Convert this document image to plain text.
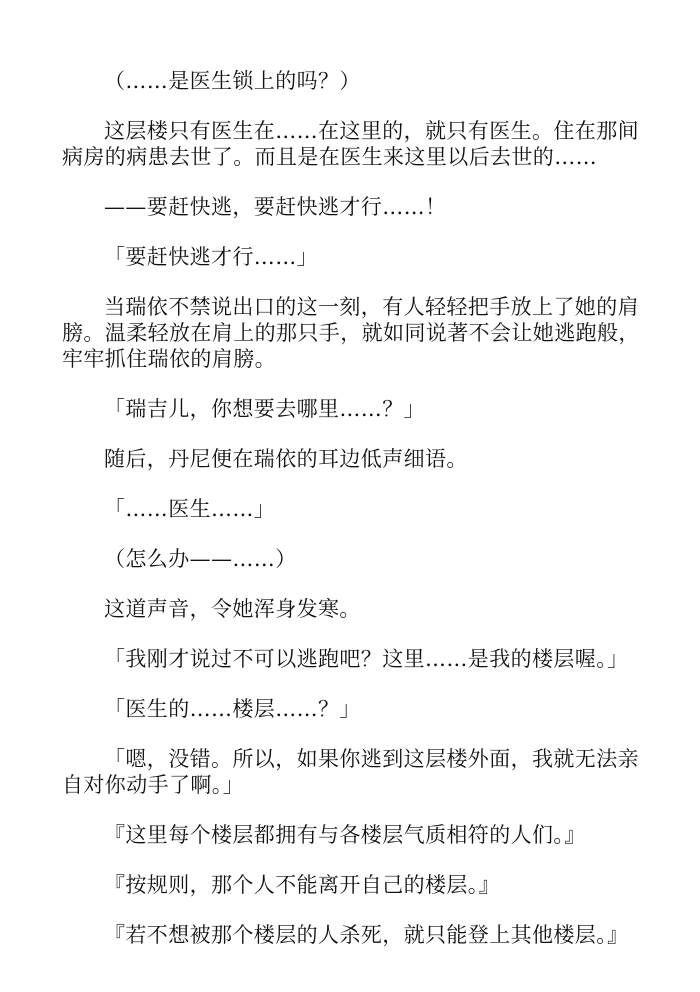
（……是医生锁上的吗？）

这层楼只有医生在……在这里的，就只有医生。住在那间病房的病患去世了。而且是在医生来这里以后去世的……

——要赶快逃，要赶快逃才行……！

「要赶快逃才行……」

当瑞依不禁说出口的这一刻，有人轻轻把手放上了她的肩膀。温柔轻放在肩上的那只手，就如同说著不会让她逃跑般，牢牢抓住瑞依的肩膀。

「瑞吉儿，你想要去哪里……？」

随后，丹尼便在瑞依的耳边低声细语。

「……医生……」

（怎么办——……）

这道声音，令她浑身发寒。

「我刚才说过不可以逃跑吧？这里……是我的楼层喔。」

「医生的……楼层……？」

「嗯，没错。所以，如果你逃到这层楼外面，我就无法亲自对你动手了啊。」

『这里每个楼层都拥有与各楼层气质相符的人们。』

『按规则，那个人不能离开自己的楼层。』

『若不想被那个楼层的人杀死，就只能登上其他楼层。』
